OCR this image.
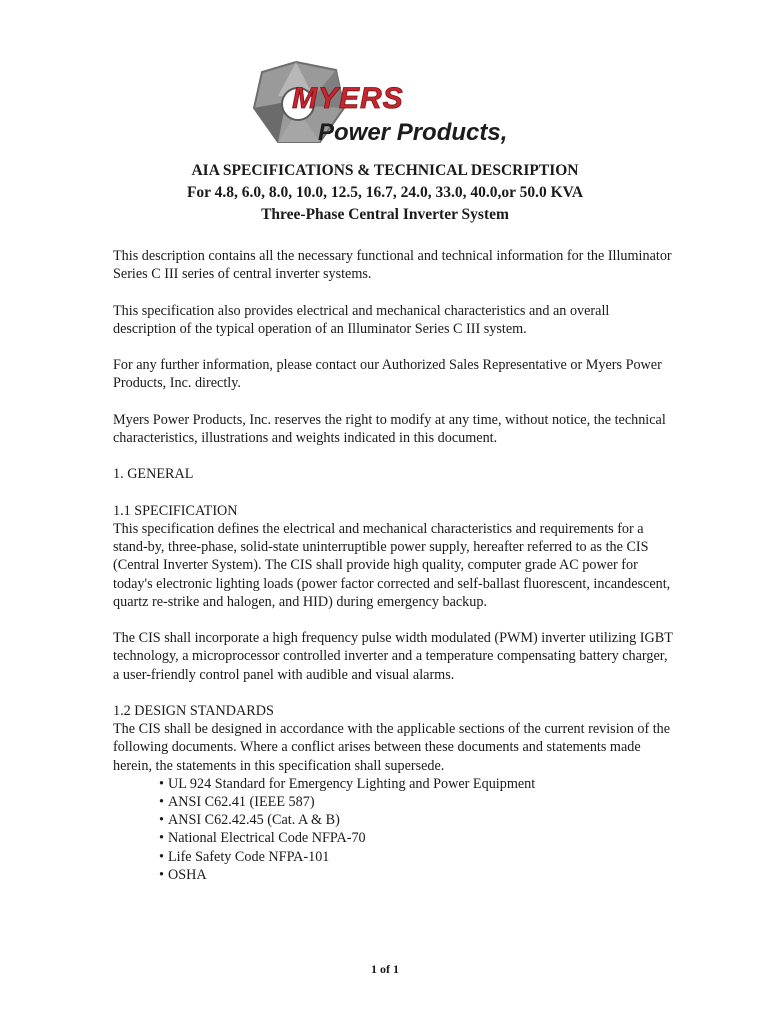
MYERS
Power Products,
AIA SPECIFICATIONS & TECHNICAL DESCRIPTION
For 4.8, 6.0, 8.0, 10.0, 12.5, 16.7, 24.0, 33.0, 40.0,or 50.0 KVA
Three-Phase Central Inverter System

This description contains all the necessary functional and technical information for the Illuminator Series C III series of central inverter systems.

This specification also provides electrical and mechanical characteristics and an overall description of the typical operation of an Illuminator Series C III system.

For any further information, please contact our Authorized Sales Representative or Myers Power Products, Inc. directly.

Myers Power Products, Inc. reserves the right to modify at any time, without notice, the technical characteristics, illustrations and weights indicated in this document.

1. GENERAL

1.1 SPECIFICATION

This specification defines the electrical and mechanical characteristics and requirements for a stand-by, three-phase, solid-state uninterruptible power supply, hereafter referred to as the CIS (Central Inverter System). The CIS shall provide high quality, computer grade AC power for today's electronic lighting loads (power factor corrected and self-ballast fluorescent, incandescent, quartz re-strike and halogen, and HID) during emergency backup.

The CIS shall incorporate a high frequency pulse width modulated (PWM) inverter utilizing IGBT technology, a microprocessor controlled inverter and a temperature compensating battery charger, a user-friendly control panel with audible and visual alarms.

1.2 DESIGN STANDARDS

The CIS shall be designed in accordance with the applicable sections of the current revision of the following documents. Where a conflict arises between these documents and statements made herein, the statements in this specification shall supersede.

• UL 924 Standard for Emergency Lighting and Power Equipment
• ANSI C62.41 (IEEE 587)
• ANSI C62.42.45 (Cat. A & B)
• National Electrical Code NFPA-70
• Life Safety Code NFPA-101
• OSHA
1 of 1
